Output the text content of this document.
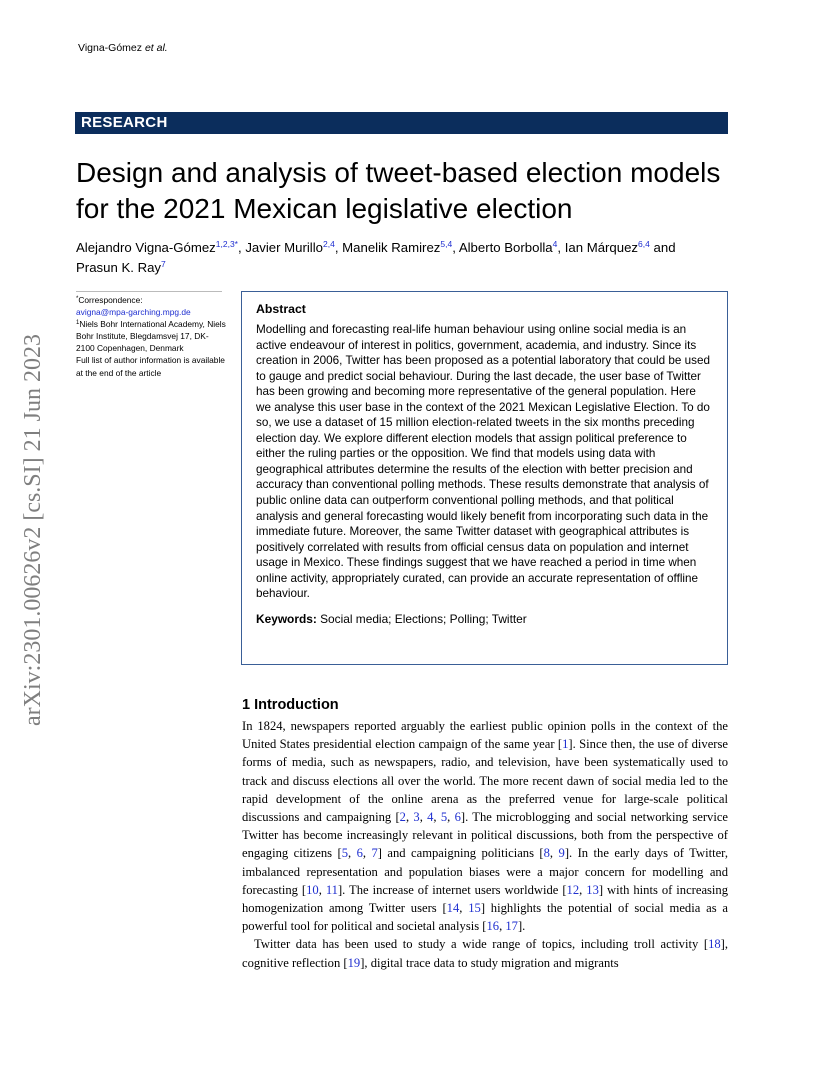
Vigna-Gómez et al.
arXiv:2301.00626v2 [cs.SI] 21 Jun 2023
RESEARCH
Design and analysis of tweet-based election models for the 2021 Mexican legislative election
Alejandro Vigna-Gómez$^{1,2,3*}$, Javier Murillo$^{2,4}$, Manelik Ramirez$^{5,4}$, Alberto Borbolla$^4$, Ian Márquez$^{6,4}$ and Prasun K. Ray$^7$
*Correspondence:
avigna@mpa-garching.mpg.de
$^1$Niels Bohr International Academy, Niels Bohr Institute, Blegdamsvej 17, DK-2100 Copenhagen, Denmark
Full list of author information is available at the end of the article

Abstract

Modelling and forecasting real-life human behaviour using online social media is an active endeavour of interest in politics, government, academia, and industry. Since its creation in 2006, Twitter has been proposed as a potential laboratory that could be used to gauge and predict social behaviour. During the last decade, the user base of Twitter has been growing and becoming more representative of the general population. Here we analyse this user base in the context of the 2021 Mexican Legislative Election. To do so, we use a dataset of 15 million election-related tweets in the six months preceding election day. We explore different election models that assign political preference to either the ruling parties or the opposition. We find that models using data with geographical attributes determine the results of the election with better precision and accuracy than conventional polling methods. These results demonstrate that analysis of public online data can outperform conventional polling methods, and that political analysis and general forecasting would likely benefit from incorporating such data in the immediate future. Moreover, the same Twitter dataset with geographical attributes is positively correlated with results from official census data on population and internet usage in Mexico. These findings suggest that we have reached a period in time when online activity, appropriately curated, can provide an accurate representation of offline behaviour.

Keywords: Social media; Elections; Polling; Twitter
1 Introduction

In 1824, newspapers reported arguably the earliest public opinion polls in the context of the United States presidential election campaign of the same year [1]. Since then, the use of diverse forms of media, such as newspapers, radio, and television, have been systematically used to track and discuss elections all over the world. The more recent dawn of social media led to the rapid development of the online arena as the preferred venue for large-scale political discussions and campaigning [2, 3, 4, 5, 6]. The microblogging and social networking service Twitter has become increasingly relevant in political discussions, both from the perspective of engaging citizens [5, 6, 7] and campaigning politicians [8, 9]. In the early days of Twitter, imbalanced representation and population biases were a major concern for modelling and forecasting [10, 11]. The increase of internet users worldwide [12, 13] with hints of increasing homogenization among Twitter users [14, 15] highlights the potential of social media as a powerful tool for political and societal analysis [16, 17].

Twitter data has been used to study a wide range of topics, including troll activity [18], cognitive reflection [19], digital trace data to study migration and migrants
